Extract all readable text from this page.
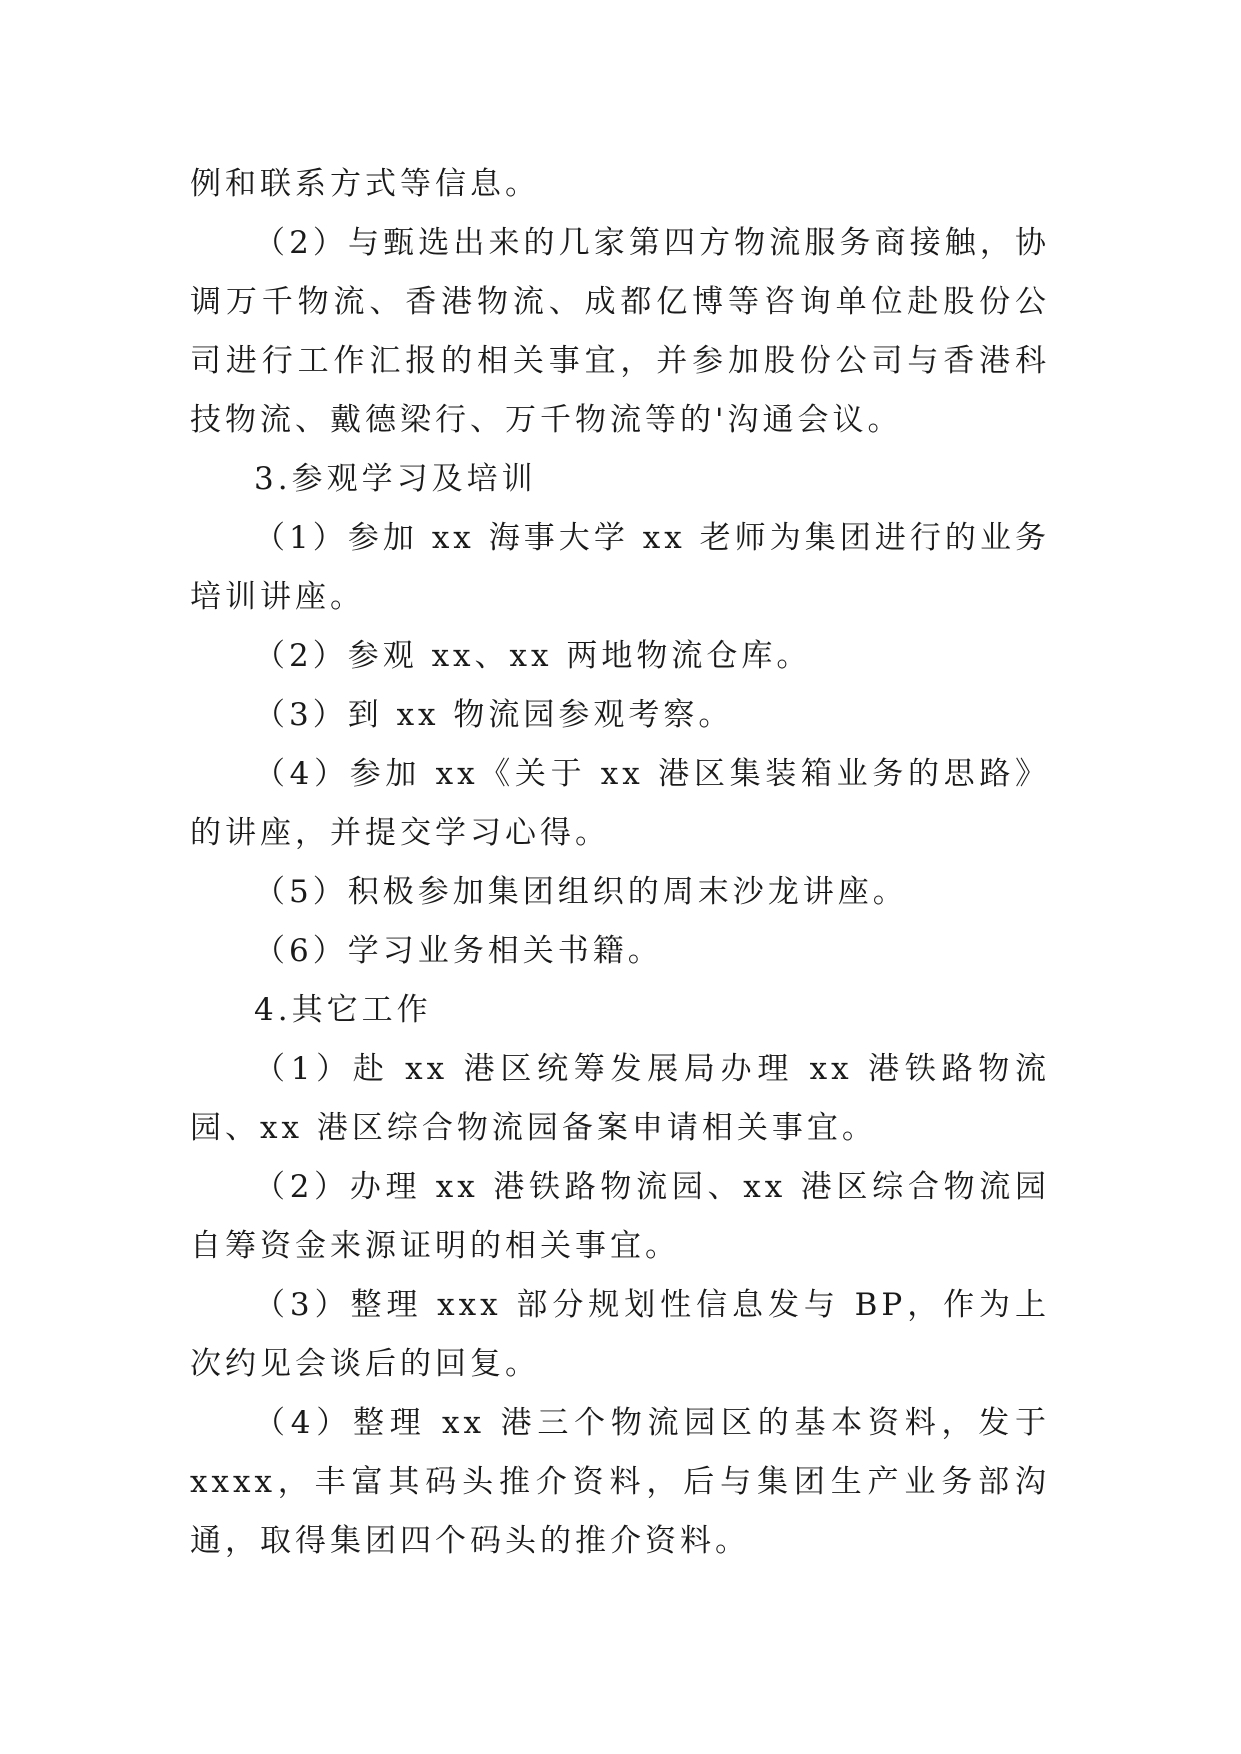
例和联系方式等信息。

（2）与甄选出来的几家第四方物流服务商接触，协调万千物流、香港物流、成都亿博等咨询单位赴股份公司进行工作汇报的相关事宜，并参加股份公司与香港科技物流、戴德梁行、万千物流等的'沟通会议。

3.参观学习及培训

（1）参加 xx 海事大学 xx 老师为集团进行的业务培训讲座。

（2）参观 xx、xx 两地物流仓库。

（3）到 xx 物流园参观考察。

（4）参加 xx《关于 xx 港区集装箱业务的思路》的讲座，并提交学习心得。

（5）积极参加集团组织的周末沙龙讲座。

（6）学习业务相关书籍。

4.其它工作

（1）赴 xx 港区统筹发展局办理 xx 港铁路物流园、xx 港区综合物流园备案申请相关事宜。

（2）办理 xx 港铁路物流园、xx 港区综合物流园自筹资金来源证明的相关事宜。

（3）整理 xxx 部分规划性信息发与 BP，作为上次约见会谈后的回复。

（4）整理 xx 港三个物流园区的基本资料，发于 xxxx，丰富其码头推介资料，后与集团生产业务部沟通，取得集团四个码头的推介资料。
